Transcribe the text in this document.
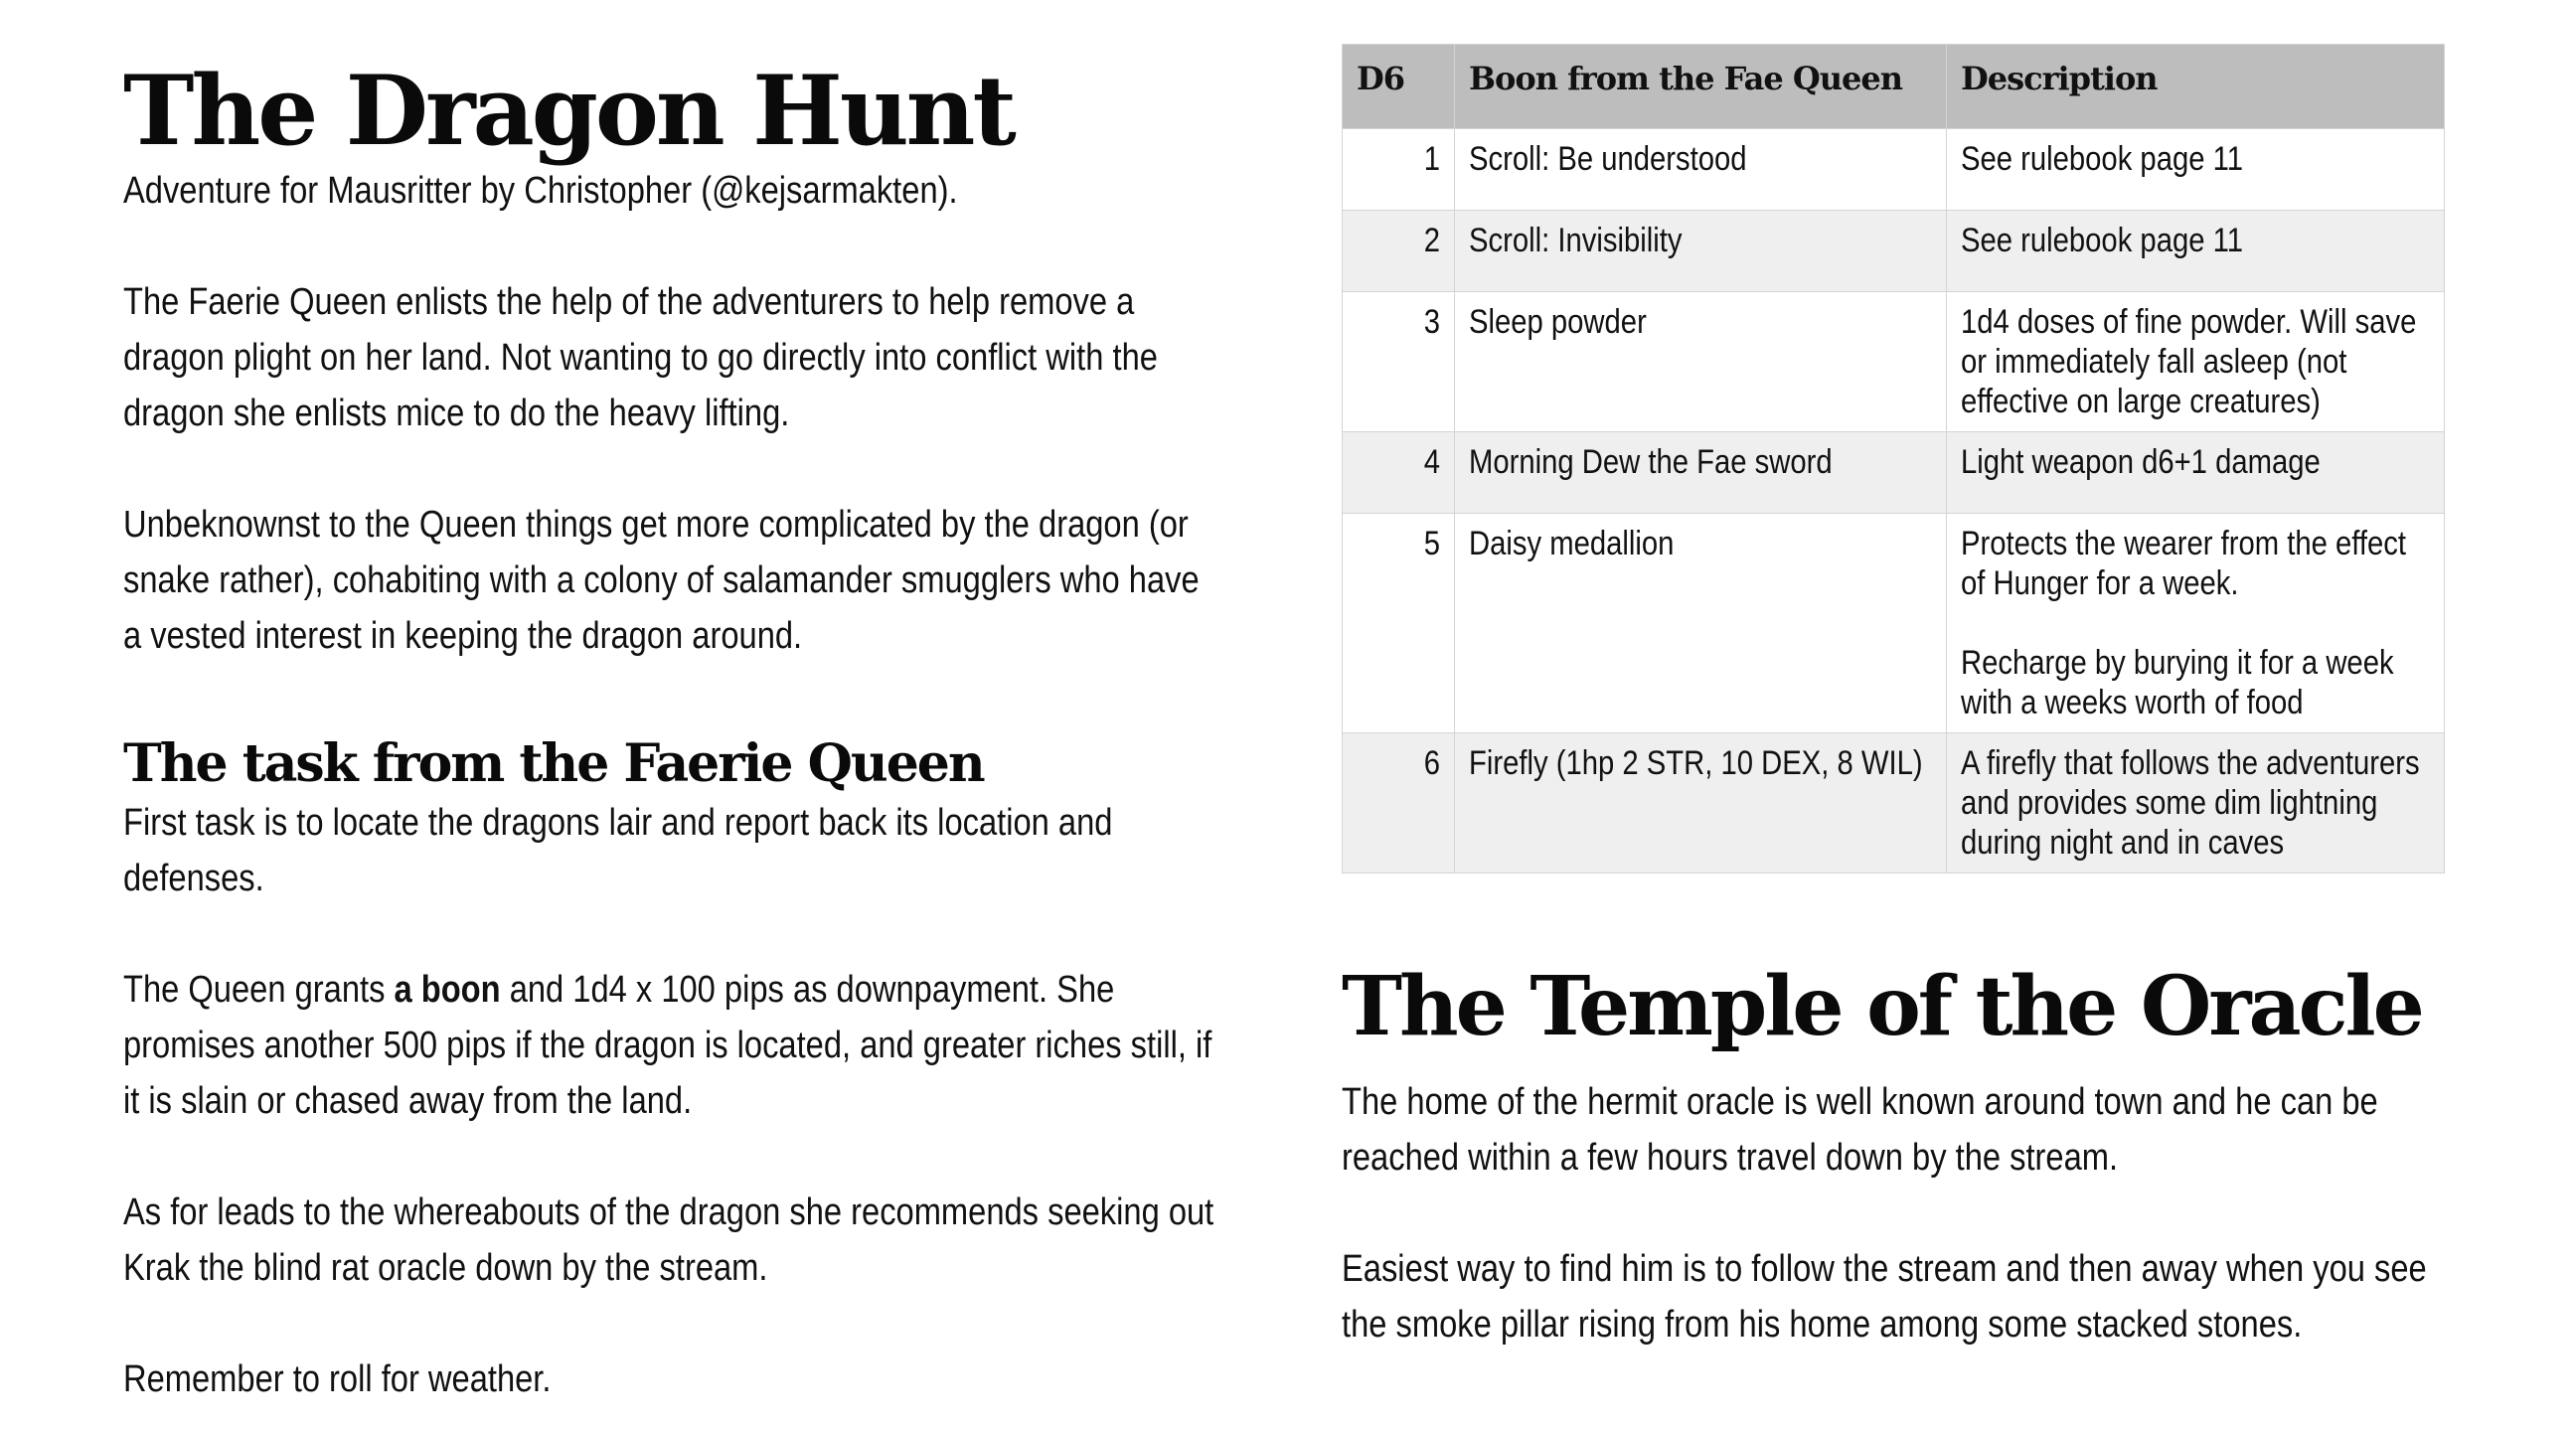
The Dragon Hunt
Adventure for Mausritter by Christopher (@kejsarmakten).

The Faerie Queen enlists the help of the adventurers to help remove a dragon plight on her land. Not wanting to go directly into conflict with the dragon she enlists mice to do the heavy lifting.

Unbeknownst to the Queen things get more complicated by the dragon (or snake rather), cohabiting with a colony of salamander smugglers who have a vested interest in keeping the dragon around.

The task from the Faerie Queen

First task is to locate the dragons lair and report back its location and defenses.

The Queen grants a boon and 1d4 x 100 pips as downpayment. She promises another 500 pips if the dragon is located, and greater riches still, if it is slain or chased away from the land.

As for leads to the whereabouts of the dragon she recommends seeking out Krak the blind rat oracle down by the stream.

Remember to roll for weather.

D6	Boon from the Fae Queen	Description

1	Scroll: Be understood	See rulebook page 11

2	Scroll: Invisibility	See rulebook page 11

3	Sleep powder	1d4 doses of fine powder. Will save or immediately fall asleep (not effective on large creatures)

4	Morning Dew the Fae sword	Light weapon d6+1 damage

5	Daisy medallion	Protects the wearer from the effect of Hunger for a week.
Recharge by burying it for a week with a weeks worth of food

6	Firefly (1hp 2 STR, 10 DEX, 8 WIL)	A firefly that follows the adventurers and provides some dim lightning during night and in caves
The Temple of the Oracle

The home of the hermit oracle is well known around town and he can be reached within a few hours travel down by the stream.

Easiest way to find him is to follow the stream and then away when you see the smoke pillar rising from his home among some stacked stones.
